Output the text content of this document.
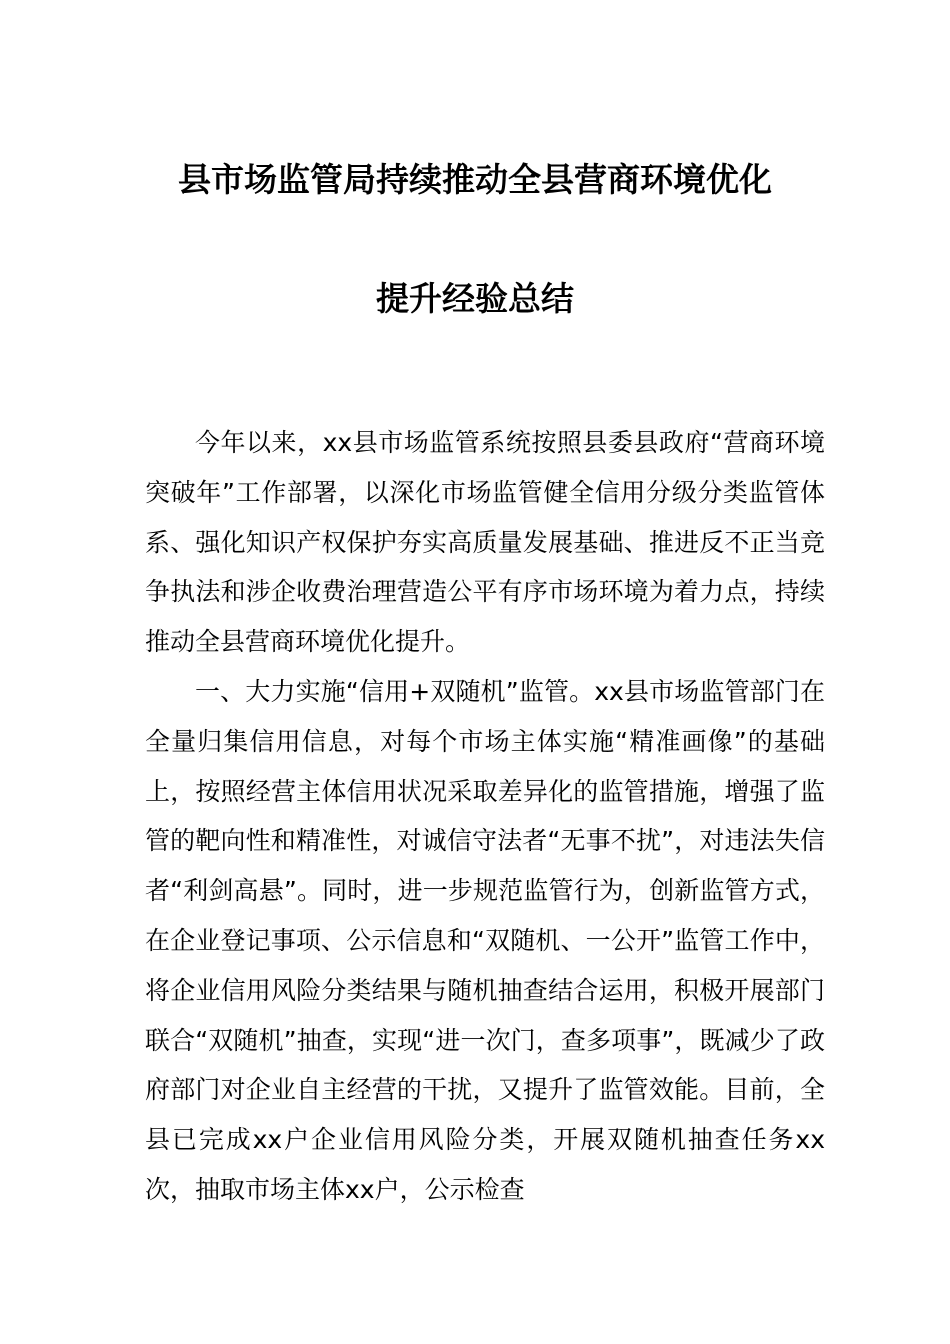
县市场监管局持续推动全县营商环境优化
提升经验总结

今年以来，xx县市场监管系统按照县委县政府“营商环境突破年”工作部署，以深化市场监管健全信用分级分类监管体系、强化知识产权保护夯实高质量发展基础、推进反不正当竞争执法和涉企收费治理营造公平有序市场环境为着力点，持续推动全县营商环境优化提升。

一、大力实施“信用+双随机”监管。xx县市场监管部门在全量归集信用信息，对每个市场主体实施“精准画像”的基础上，按照经营主体信用状况采取差异化的监管措施，增强了监管的靶向性和精准性，对诚信守法者“无事不扰”，对违法失信者“利剑高悬”。同时，进一步规范监管行为，创新监管方式，在企业登记事项、公示信息和“双随机、一公开”监管工作中，将企业信用风险分类结果与随机抽查结合运用，积极开展部门联合“双随机”抽查，实现“进一次门，查多项事”，既减少了政府部门对企业自主经营的干扰，又提升了监管效能。目前，全县已完成xx户企业信用风险分类，开展双随机抽查任务xx次，抽取市场主体xx户，公示检查
